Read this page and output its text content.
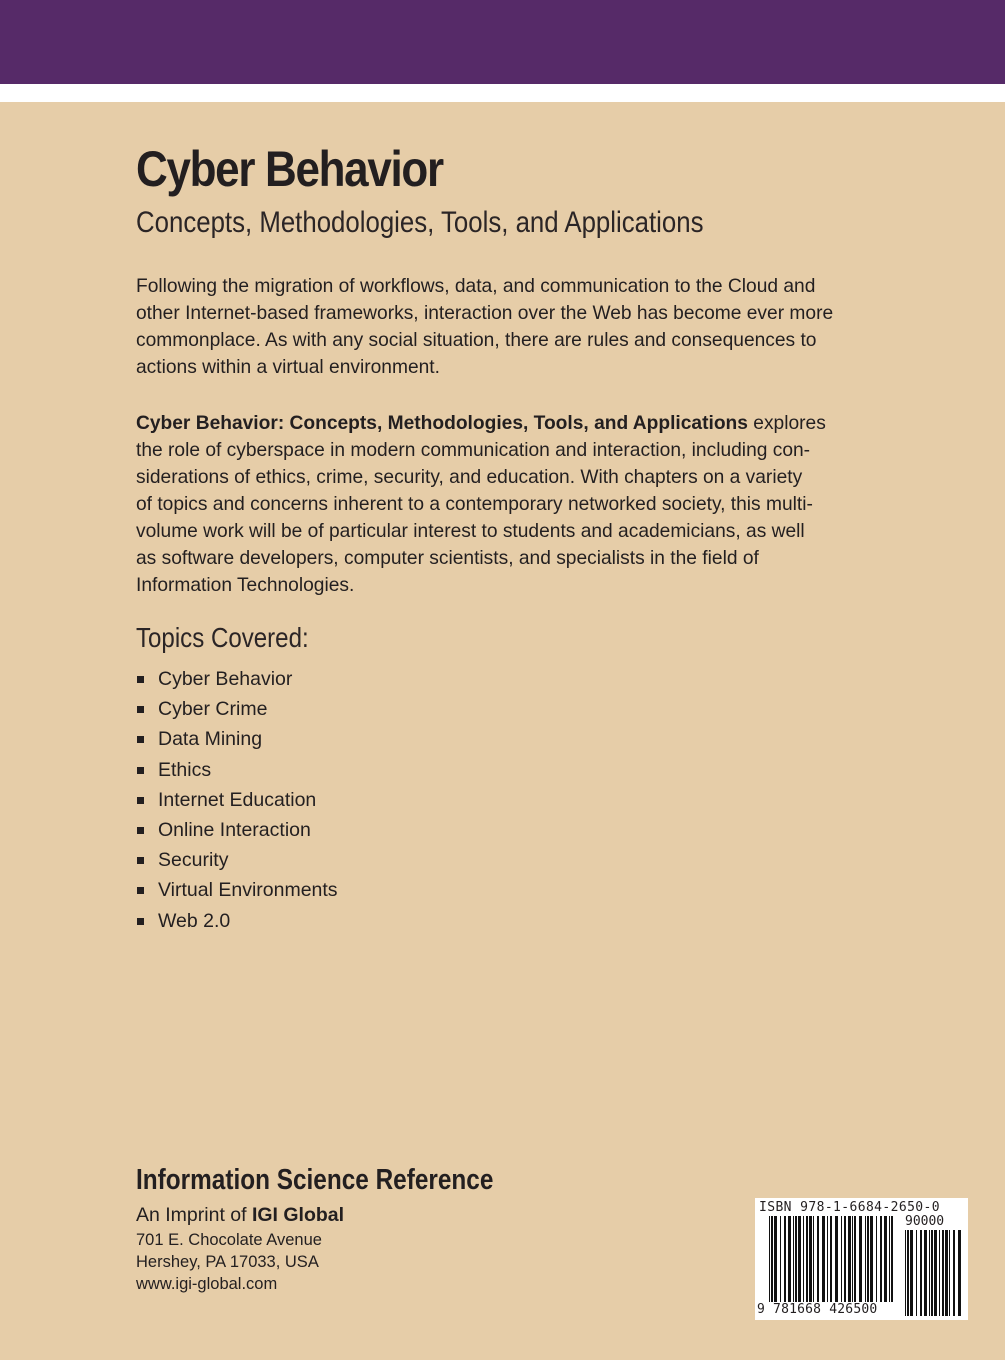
Cyber Behavior
Concepts, Methodologies, Tools, and Applications

Following the migration of workflows, data, and communication to the Cloud and
other Internet-based frameworks, interaction over the Web has become ever more
commonplace. As with any social situation, there are rules and consequences to
actions within a virtual environment.

Cyber Behavior: Concepts, Methodologies, Tools, and Applications explores
the role of cyberspace in modern communication and interaction, including con-
siderations of ethics, crime, security, and education. With chapters on a variety
of topics and concerns inherent to a contemporary networked society, this multi-
volume work will be of particular interest to students and academicians, as well
as software developers, computer scientists, and specialists in the field of
Information Technologies.

Topics Covered:
Cyber Behavior
Cyber Crime
Data Mining
Ethics
Internet Education
Online Interaction
Security
Virtual Environments
Web 2.0
Information Science Reference
An Imprint of IGI Global
701 E. Chocolate Avenue
Hershey, PA 17033, USA
www.igi-global.com
ISBN 978-1-6684-2650-0
90000
9 781668 426500
